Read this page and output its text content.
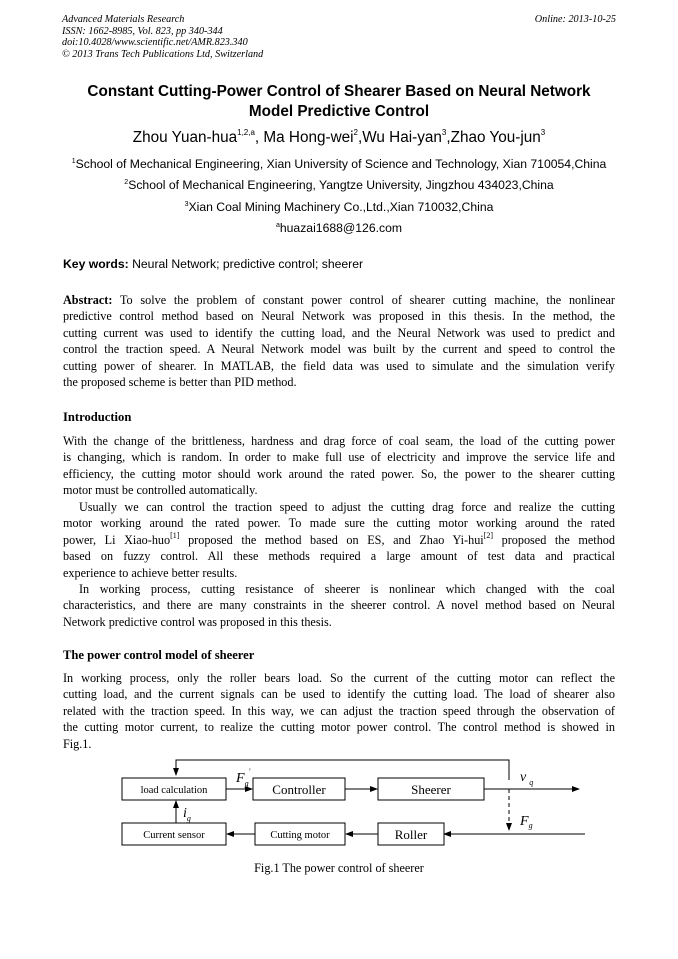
Advanced Materials Research
ISSN: 1662-8985, Vol. 823, pp 340-344
doi:10.4028/www.scientific.net/AMR.823.340
© 2013 Trans Tech Publications Ltd, Switzerland
Online: 2013-10-25
Constant Cutting-Power Control of Shearer Based on Neural Network
Model Predictive Control
Zhou Yuan-hua$^{1,2,a}$, Ma Hong-wei$^2$,Wu Hai-yan$^3$,Zhao You-jun$^3$
$^1$School of Mechanical Engineering, Xian University of Science and Technology, Xian 710054,China
$^2$School of Mechanical Engineering, Yangtze University, Jingzhou 434023,China
$^3$Xian Coal Mining Machinery Co.,Ltd.,Xian 710032,China
$^a$huazai1688@126.com
Key words: Neural Network; predictive control; sheerer
Abstract: To solve the problem of constant power control of shearer cutting machine, the nonlinear
predictive control method based on Neural Network was proposed in this thesis. In the method, the
cutting current was used to identify the cutting load, and the Neural Network was used to predict and
control the traction speed. A Neural Network model was built by the current and speed to control the
cutting power of shearer. In MATLAB, the field data was used to simulate and the simulation verify
the proposed scheme is better than PID method.
Introduction
With the change of the brittleness, hardness and drag force of coal seam, the load of the cutting power
is changing, which is random. In order to make full use of electricity and improve the service life and
efficiency, the cutting motor should work around the rated power. So, the power to the shearer cutting
motor must be controlled automatically.
Usually we can control the traction speed to adjust the cutting drag force and realize the cutting
motor working around the rated power. To made sure the cutting motor working around the rated
power, Li Xiao-huo[1] proposed the method based on ES, and Zhao Yi-hui[2] proposed the method
based on fuzzy control. All these methods required a large amount of test data and practical
experience to achieve better results.
In working process, cutting resistance of sheerer is nonlinear which changed with the coal
characteristics, and there are many constraints in the sheerer control. A novel method based on Neural
Network predictive control was proposed in this thesis.
The power control model of sheerer
In working process, only the roller bears load. So the current of the cutting motor can reflect the
cutting load, and the current signals can be used to identify the cutting load. The load of shearer also
related with the traction speed. In this way, we can adjust the traction speed through the observation of
the cutting motor current, to realize the cutting motor power control. The control method is showed in
Fig.1.
load calculation	Controller	Sheerer
Roller
Cutting motor
Current sensor
$F_g'$
$i_g$
v $_q$
$F_g$
Fig.1 The power control of sheerer
